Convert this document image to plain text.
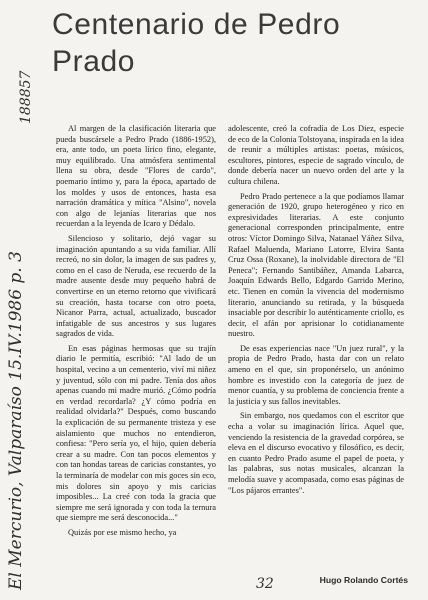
Centenario de Pedro Prado

Al margen de la clasificación literaria que pueda buscársele a Pedro Prado (1886-1952), era, ante todo, un poeta lírico fino, elegante, muy equilibrado. Una atmósfera sentimental llena su obra, desde "Flores de cardo", poemario íntimo y, para la época, apartado de los moldes y usos de entonces, hasta esa narración dramática y mítica "Alsino", novela con algo de lejanías literarias que nos recuerdan a la leyenda de Icaro y Dédalo.

Silencioso y solitario, dejó vagar su imaginación apuntando a su vida familiar. Allí recreó, no sin dolor, la imagen de sus padres y, como en el caso de Neruda, ese recuerdo de la madre ausente desde muy pequeño habrá de convertirse en un eterno retorno que vivificará su creación, hasta tocarse con otro poeta, Nicanor Parra, actual, actualizado, buscador infatigable de sus ancestros y sus lugares sagrados de vida.

En esas páginas hermosas que su trajín diario le permitía, escribió: "Al lado de un hospital, vecino a un cementerio, viví mi niñez y juventud, sólo con mi padre. Tenía dos años apenas cuando mi madre murió. ¿Cómo podría en verdad recordarla? ¿Y cómo podría en realidad olvidarla?" Después, como buscando la explicación de su permanente tristeza y ese aislamiento que muchos no entendieron, confiesa: "Pero sería yo, el hijo, quien debería crear a su madre. Con tan pocos elementos y con tan hondas tareas de caricias constantes, yo la terminaría de modelar con mis goces sin eco, mis dolores sin apoyo y mis caricias imposibles... La creé con toda la gracia que siempre me será ignorada y con toda la ternura que siempre me será desconocida..."

Quizás por ese mismo hecho, ya

adolescente, creó la cofradía de Los Diez, especie de eco de la Colonia Tolstoyana, inspirada en la idea de reunir a múltiples artistas: poetas, músicos, escultores, pintores, especie de sagrado vínculo, de donde debería nacer un nuevo orden del arte y la cultura chilena.

Pedro Prado pertenece a la que podíamos llamar generación de 1920, grupo heterogéneo y rico en expresividades literarias. A este conjunto generacional corresponden principalmente, entre otros: Víctor Domingo Silva, Natanael Yáñez Silva, Rafael Maluenda, Mariano Latorre, Elvira Santa Cruz Ossa (Roxane), la inolvidable directora de "El Peneca"; Fernando Santibáñez, Amanda Labarca, Joaquín Edwards Bello, Edgardo Garrido Merino, etc. Tienen en común la vivencia del modernismo literario, anunciando su retirada, y la búsqueda insaciable por describir lo auténticamente criollo, es decir, el afán por aprisionar lo cotidianamente nuestro.

De esas experiencias nace "Un juez rural", y la propia de Pedro Prado, hasta dar con un relato ameno en el que, sin proponérselo, un anónimo hombre es investido con la categoría de juez de menor cuantía, y su problema de conciencia frente a la justicia y sus fallos inevitables.

Sin embargo, nos quedamos con el escritor que echa a volar su imaginación lírica. Aquel que, venciendo la resistencia de la gravedad corpórea, se eleva en el discurso evocativo y filosófico, es decir, en cuanto Pedro Prado asume el papel de poeta, y las palabras, sus notas musicales, alcanzan la melodía suave y acompasada, como esas páginas de "Los pájaros errantes".

Hugo Rolando Cortés
El Mercurio, Valparaíso 15.IV.1986 p. 3
188857
32
